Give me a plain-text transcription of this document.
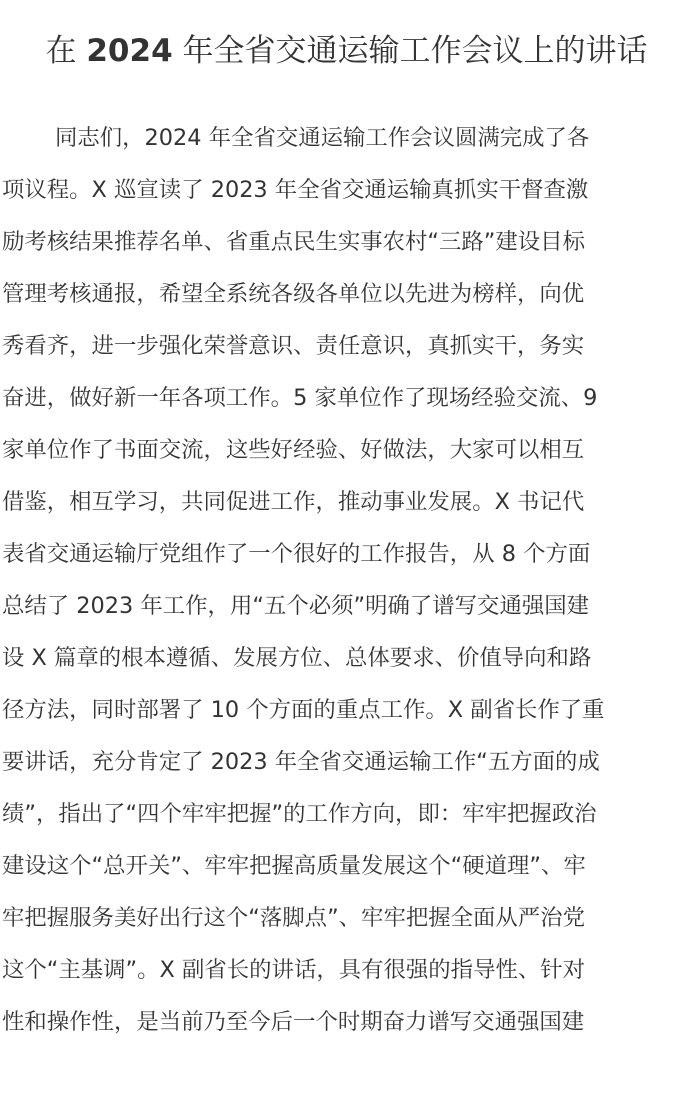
在 2024 年全省交通运输工作会议上的讲话
同志们，2024 年全省交通运输工作会议圆满完成了各
项议程。X 巡宣读了 2023 年全省交通运输真抓实干督查激
励考核结果推荐名单、省重点民生实事农村“三路”建设目标
管理考核通报，希望全系统各级各单位以先进为榜样，向优
秀看齐，进一步强化荣誉意识、责任意识，真抓实干，务实
奋进，做好新一年各项工作。5 家单位作了现场经验交流、9
家单位作了书面交流，这些好经验、好做法，大家可以相互
借鉴，相互学习，共同促进工作，推动事业发展。X 书记代
表省交通运输厅党组作了一个很好的工作报告，从 8 个方面
总结了 2023 年工作，用“五个必须”明确了谱写交通强国建
设 X 篇章的根本遵循、发展方位、总体要求、价值导向和路
径方法，同时部署了 10 个方面的重点工作。X 副省长作了重
要讲话，充分肯定了 2023 年全省交通运输工作“五方面的成
绩”，指出了“四个牢牢把握”的工作方向，即：牢牢把握政治
建设这个“总开关”、牢牢把握高质量发展这个“硬道理”、牢
牢把握服务美好出行这个“落脚点”、牢牢把握全面从严治党
这个“主基调”。X 副省长的讲话，具有很强的指导性、针对
性和操作性，是当前乃至今后一个时期奋力谱写交通强国建
